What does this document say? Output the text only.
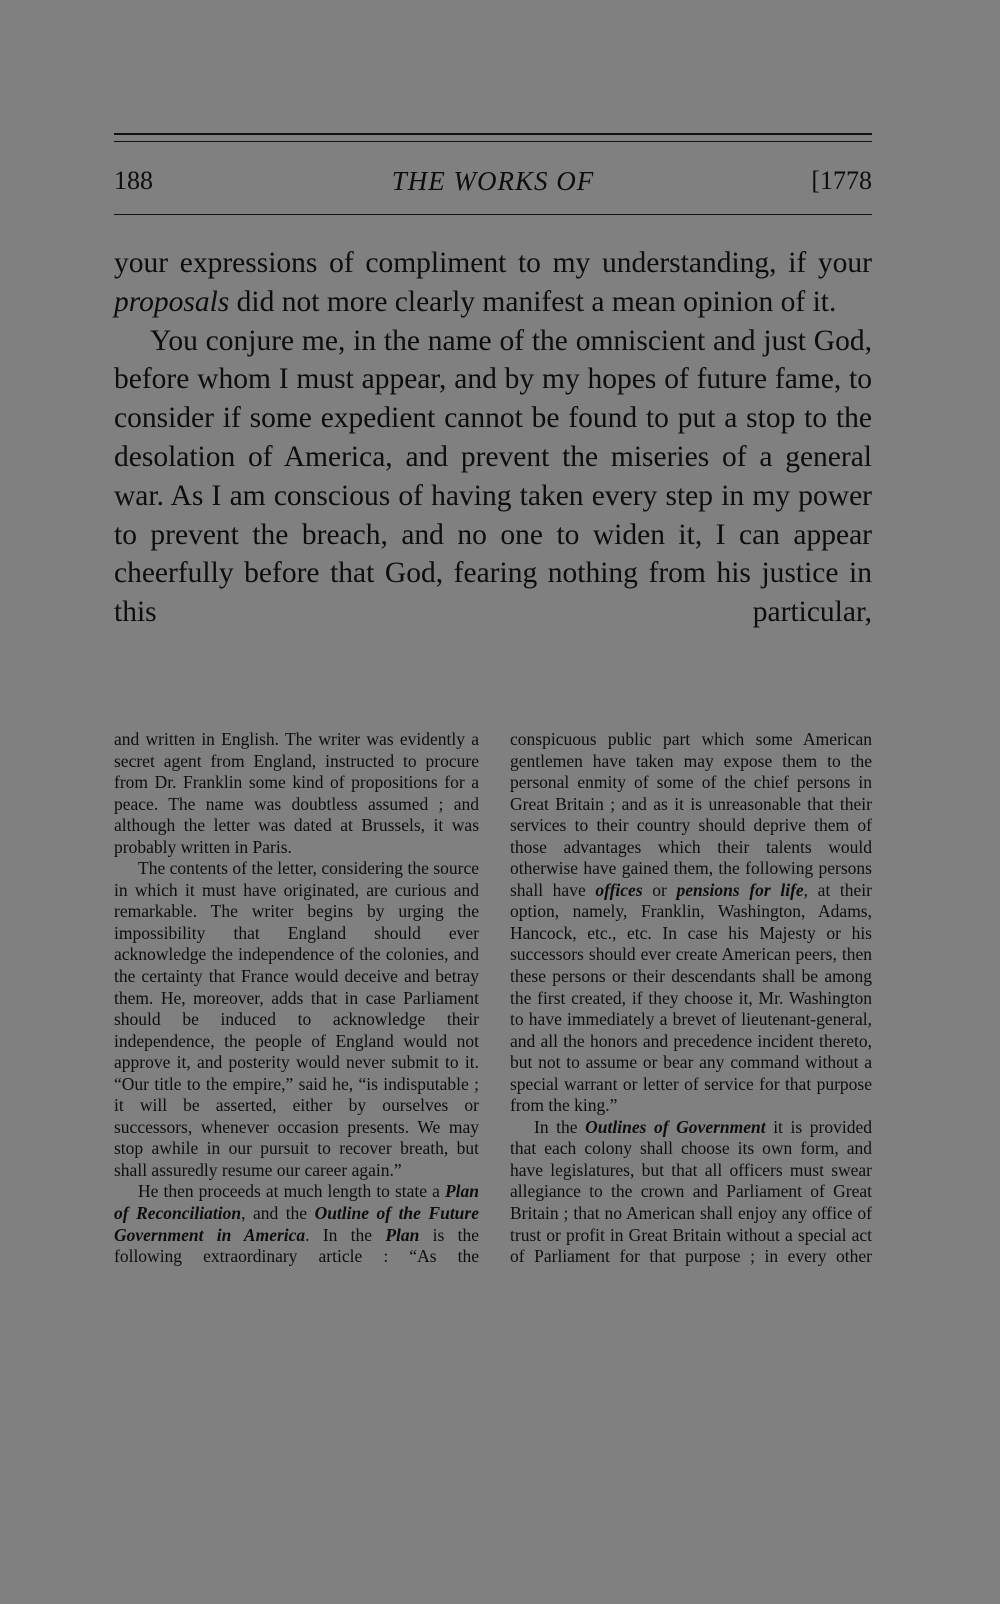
188	THE WORKS OF	[1778

your expressions of compliment to my understanding, if your proposals did not more clearly manifest a mean opinion of it.

You conjure me, in the name of the omniscient and just God, before whom I must appear, and by my hopes of future fame, to consider if some expedient cannot be found to put a stop to the desolation of America, and prevent the miseries of a general war. As I am conscious of having taken every step in my power to prevent the breach, and no one to widen it, I can appear cheerfully before that God, fearing nothing from his justice in this particular,

and written in English. The writer was evidently a secret agent from England, instructed to procure from Dr. Franklin some kind of propositions for a peace. The name was doubtless assumed ; and although the letter was dated at Brussels, it was probably written in Paris.

The contents of the letter, considering the source in which it must have originated, are curious and remarkable. The writer begins by urging the impossibility that England should ever acknowledge the independence of the colonies, and the certainty that France would deceive and betray them. He, moreover, adds that in case Parliament should be induced to acknowledge their independence, the people of England would not approve it, and posterity would never submit to it. “Our title to the empire,” said he, “is indisputable ; it will be asserted, either by ourselves or successors, whenever occasion presents. We may stop awhile in our pursuit to recover breath, but shall assuredly resume our career again.”

He then proceeds at much length to state a Plan of Reconciliation, and the Outline of the Future Government in America. In the Plan is the following extraordinary article : “As the

conspicuous public part which some American gentlemen have taken may expose them to the personal enmity of some of the chief persons in Great Britain ; and as it is unreasonable that their services to their country should deprive them of those advantages which their talents would otherwise have gained them, the following persons shall have offices or pensions for life, at their option, namely, Franklin, Washington, Adams, Hancock, etc., etc. In case his Majesty or his successors should ever create American peers, then these persons or their descendants shall be among the first created, if they choose it, Mr. Washington to have immediately a brevet of lieutenant-general, and all the honors and precedence incident thereto, but not to assume or bear any command without a special warrant or letter of service for that purpose from the king.”

In the Outlines of Government it is provided that each colony shall choose its own form, and have legislatures, but that all officers must swear allegiance to the crown and Parliament of Great Britain ; that no American shall enjoy any office of trust or profit in Great Britain without a special act of Parliament for that purpose ; in every other
